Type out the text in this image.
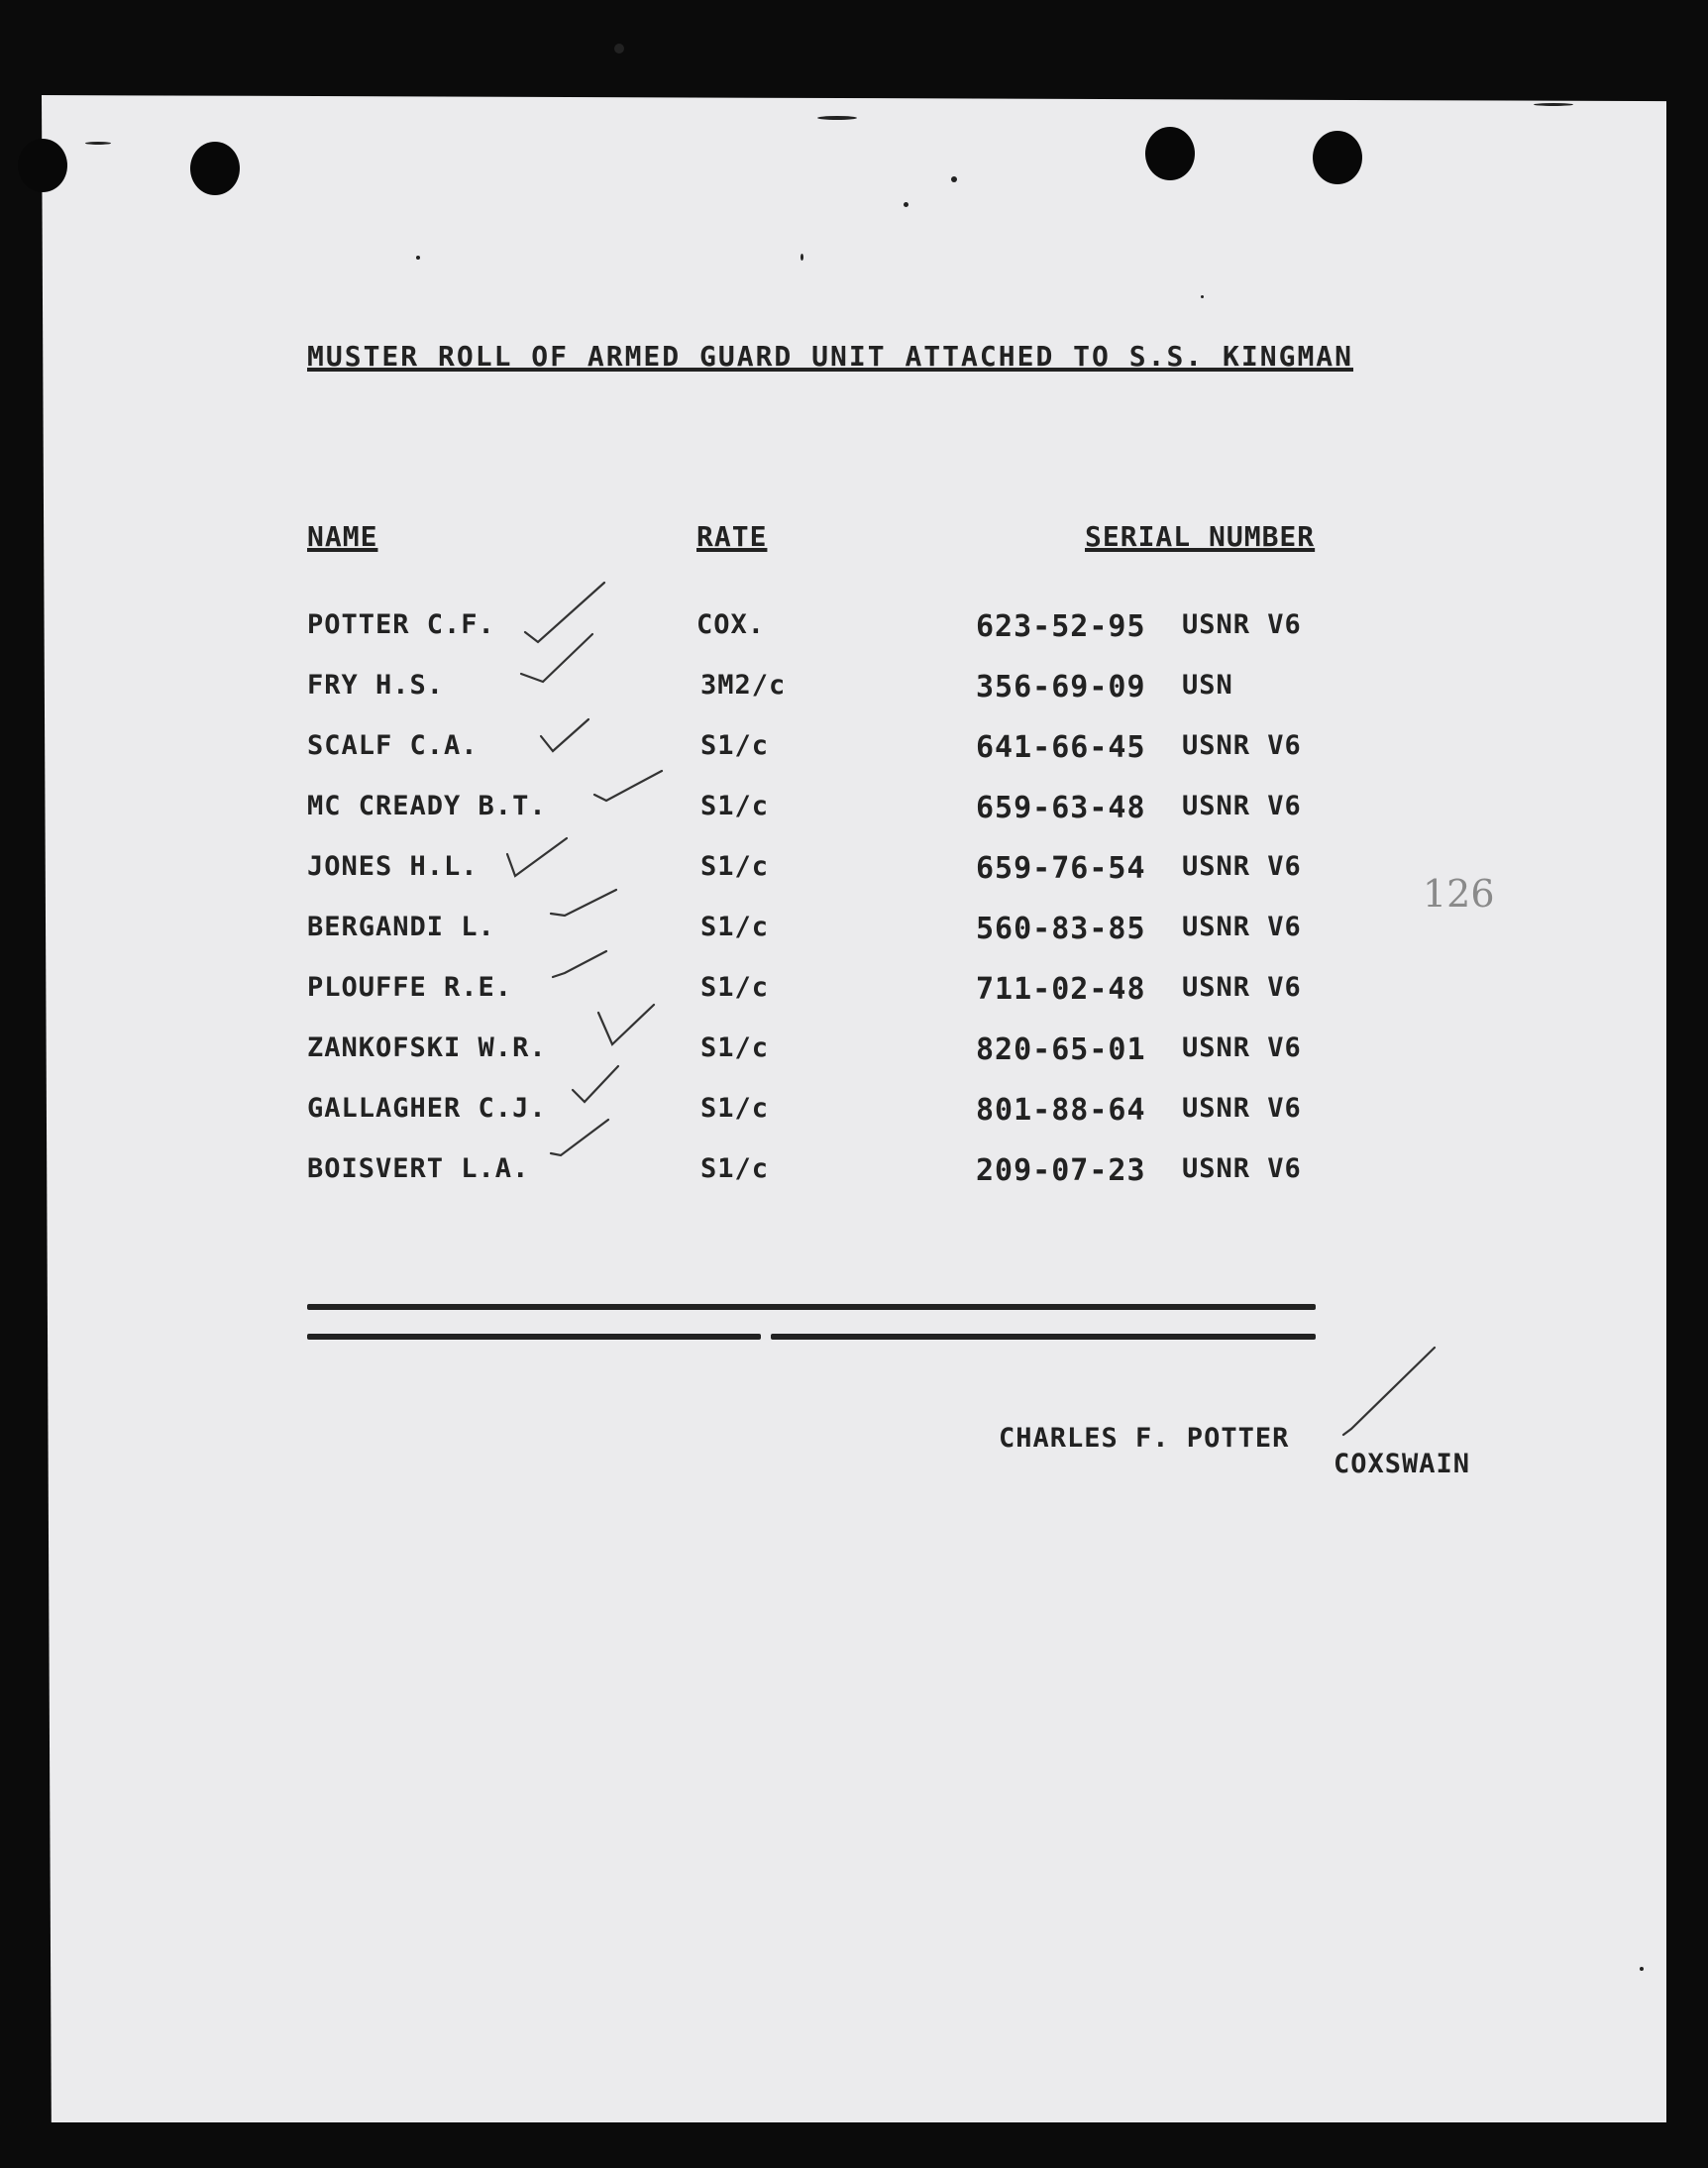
MUSTER ROLL OF ARMED GUARD UNIT ATTACHED TO S.S. KINGMAN
NAME	RATE	SERIAL NUMBER
POTTER C.F.	COX.	623-52-95 USNR V6
FRY H.S.	3M2/c	356-69-09 USN
SCALF C.A.	S1/c	641-66-45 USNR V6
MC CREADY B.T.	S1/c	659-63-48 USNR V6
JONES H.L.	S1/c	659-76-54 USNR V6
BERGANDI L.	S1/c	560-83-85 USNR V6
PLOUFFE R.E.	S1/c	711-02-48 USNR V6
ZANKOFSKI W.R.	S1/c	820-65-01 USNR V6
GALLAGHER C.J.	S1/c	801-88-64 USNR V6
BOISVERT L.A.	S1/c	209-07-23 USNR V6
CHARLES F. POTTER
COXSWAIN
126
